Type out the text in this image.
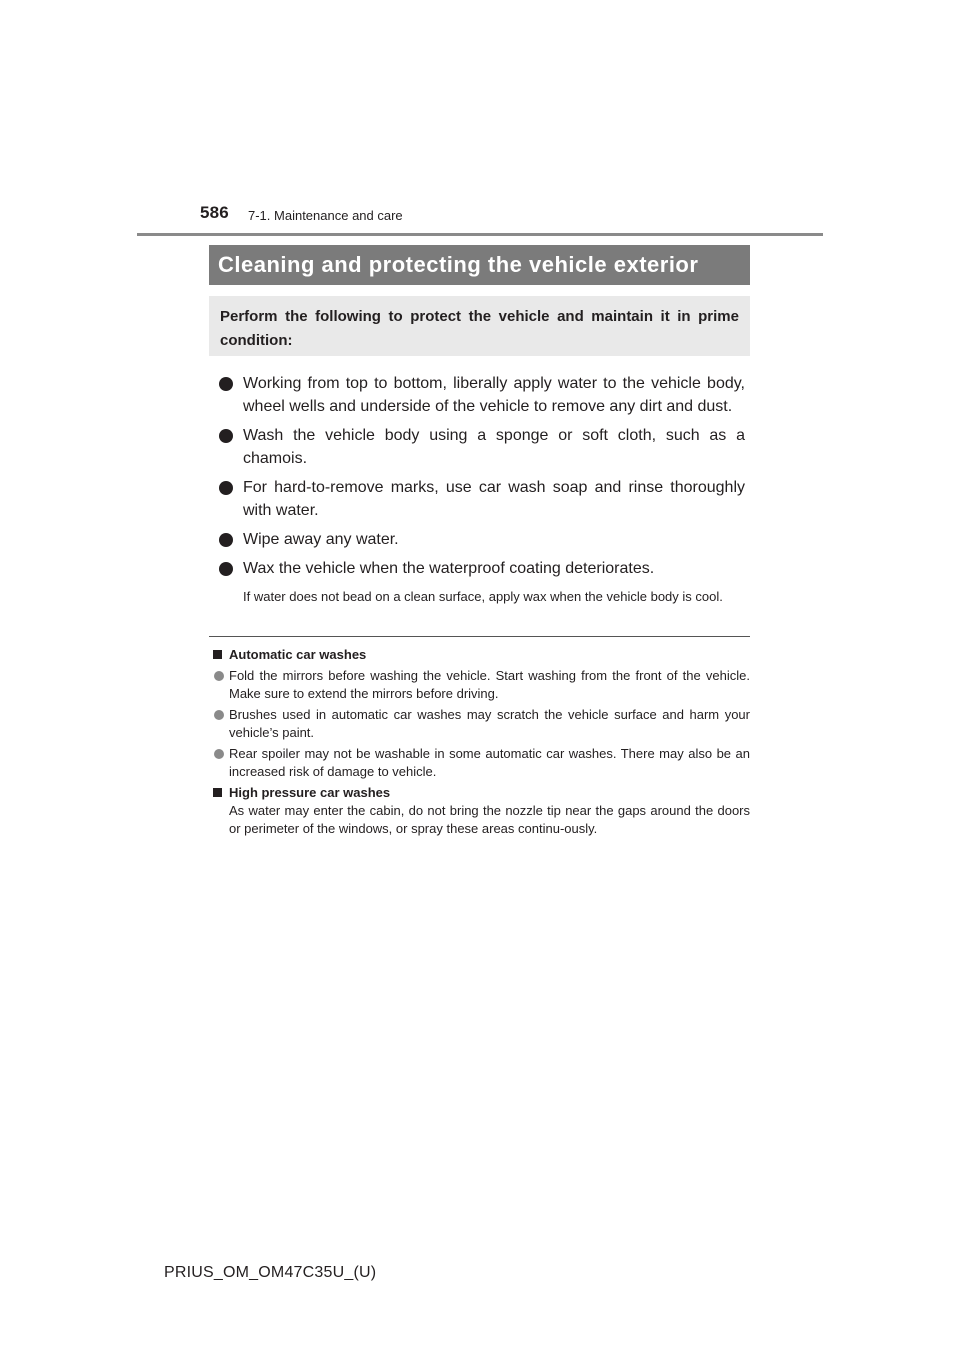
586 7-1. Maintenance and care
Cleaning and protecting the vehicle exterior
Perform the following to protect the vehicle and maintain it in prime condition:
Working from top to bottom, liberally apply water to the vehicle body, wheel wells and underside of the vehicle to remove any dirt and dust.
Wash the vehicle body using a sponge or soft cloth, such as a chamois.
For hard-to-remove marks, use car wash soap and rinse thoroughly with water.
Wipe away any water.
Wax the vehicle when the waterproof coating deteriorates.
If water does not bead on a clean surface, apply wax when the vehicle body is cool.
Automatic car washes
Fold the mirrors before washing the vehicle. Start washing from the front of the vehicle. Make sure to extend the mirrors before driving.
Brushes used in automatic car washes may scratch the vehicle surface and harm your vehicle’s paint.
Rear spoiler may not be washable in some automatic car washes. There may also be an increased risk of damage to vehicle.
High pressure car washes
As water may enter the cabin, do not bring the nozzle tip near the gaps around the doors or perimeter of the windows, or spray these areas continu-ously.
PRIUS_OM_OM47C35U_(U)
